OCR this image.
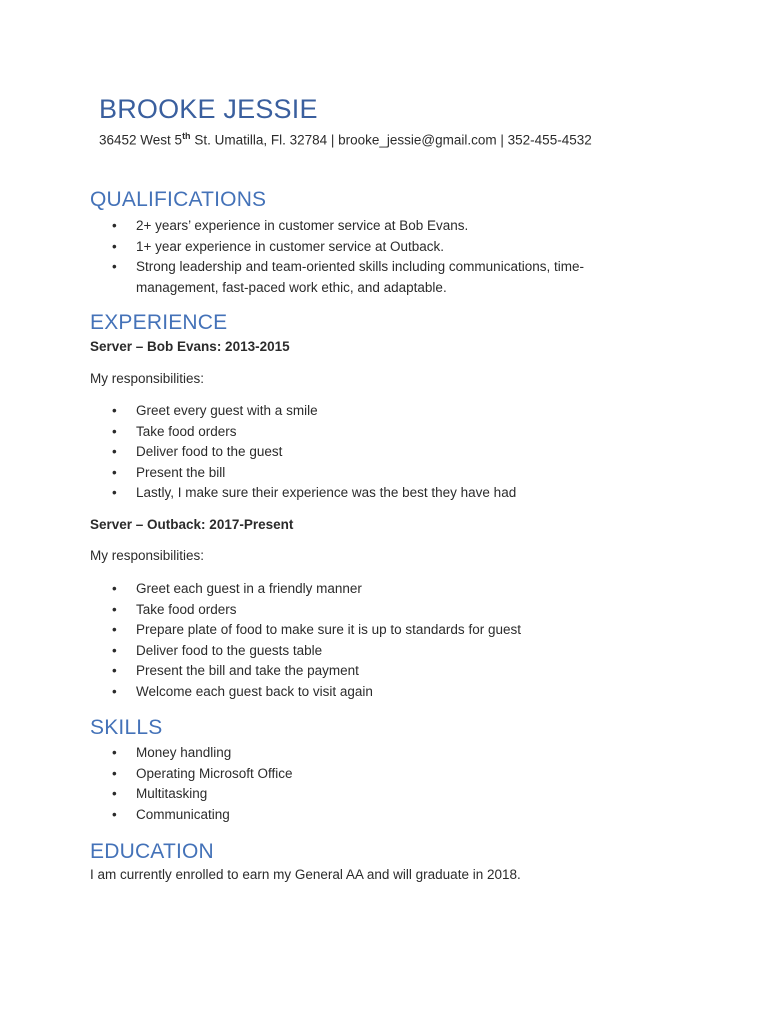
BROOKE JESSIE
36452 West 5th St. Umatilla, Fl. 32784 | brooke_jessie@gmail.com | 352-455-4532
QUALIFICATIONS
• 2+ years’ experience in customer service at Bob Evans.
• 1+ year experience in customer service at Outback.
• Strong leadership and team-oriented skills including communications, time-management, fast-paced work ethic, and adaptable.
EXPERIENCE
Server – Bob Evans: 2013-2015
My responsibilities:
• Greet every guest with a smile
• Take food orders
• Deliver food to the guest
• Present the bill
• Lastly, I make sure their experience was the best they have had
Server – Outback: 2017-Present
My responsibilities:
• Greet each guest in a friendly manner
• Take food orders
• Prepare plate of food to make sure it is up to standards for guest
• Deliver food to the guests table
• Present the bill and take the payment
• Welcome each guest back to visit again
SKILLS
• Money handling
• Operating Microsoft Office
• Multitasking
• Communicating
EDUCATION
I am currently enrolled to earn my General AA and will graduate in 2018.
